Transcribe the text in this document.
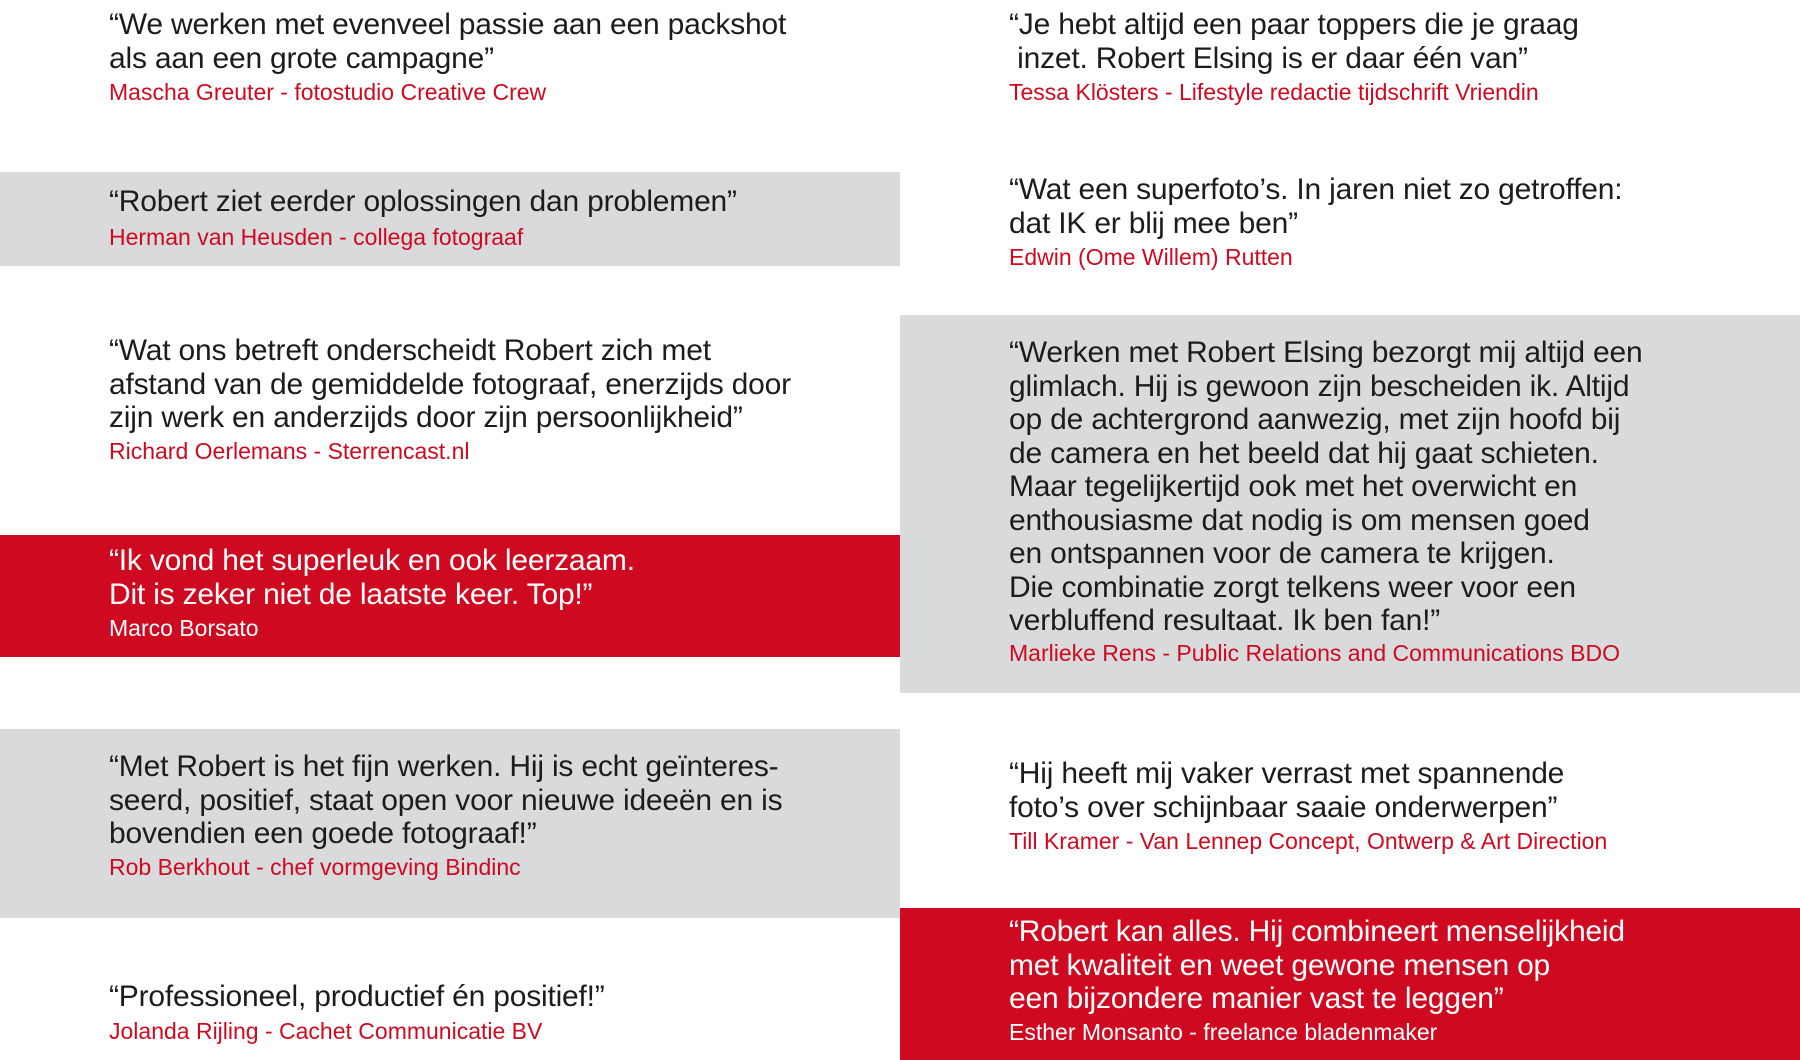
“We werken met evenveel passie aan een packshot
als aan een grote campagne”

Mascha Greuter - fotostudio Creative Crew

“Robert ziet eerder oplossingen dan problemen”

Herman van Heusden - collega fotograaf

“Wat ons betreft onderscheidt Robert zich met
afstand van de gemiddelde fotograaf, enerzijds door
zijn werk en anderzijds door zijn persoonlijkheid”

Richard Oerlemans - Sterrencast.nl

“Ik vond het superleuk en ook leerzaam.
Dit is zeker niet de laatste keer. Top!”

Marco Borsato

“Met Robert is het fijn werken. Hij is echt geïnteres-
seerd, positief, staat open voor nieuwe ideeën en is
bovendien een goede fotograaf!”

Rob Berkhout - chef vormgeving Bindinc

“Professioneel, productief én positief!”

Jolanda Rijling - Cachet Communicatie BV

“Je hebt altijd een paar toppers die je graag
inzet. Robert Elsing is er daar één van”

Tessa Klösters - Lifestyle redactie tijdschrift Vriendin

“Wat een superfoto’s. In jaren niet zo getroffen:
dat IK er blij mee ben”

Edwin (Ome Willem) Rutten

“Werken met Robert Elsing bezorgt mij altijd een
glimlach. Hij is gewoon zijn bescheiden ik. Altijd
op de achtergrond aanwezig, met zijn hoofd bij
de camera en het beeld dat hij gaat schieten.
Maar tegelijkertijd ook met het overwicht en
enthousiasme dat nodig is om mensen goed
en ontspannen voor de camera te krijgen.
Die combinatie zorgt telkens weer voor een
verbluffend resultaat. Ik ben fan!”

Marlieke Rens - Public Relations and Communications BDO

“Hij heeft mij vaker verrast met spannende
foto’s over schijnbaar saaie onderwerpen”

Till Kramer - Van Lennep Concept, Ontwerp & Art Direction

“Robert kan alles. Hij combineert menselijkheid
met kwaliteit en weet gewone mensen op
een bijzondere manier vast te leggen”

Esther Monsanto - freelance bladenmaker
